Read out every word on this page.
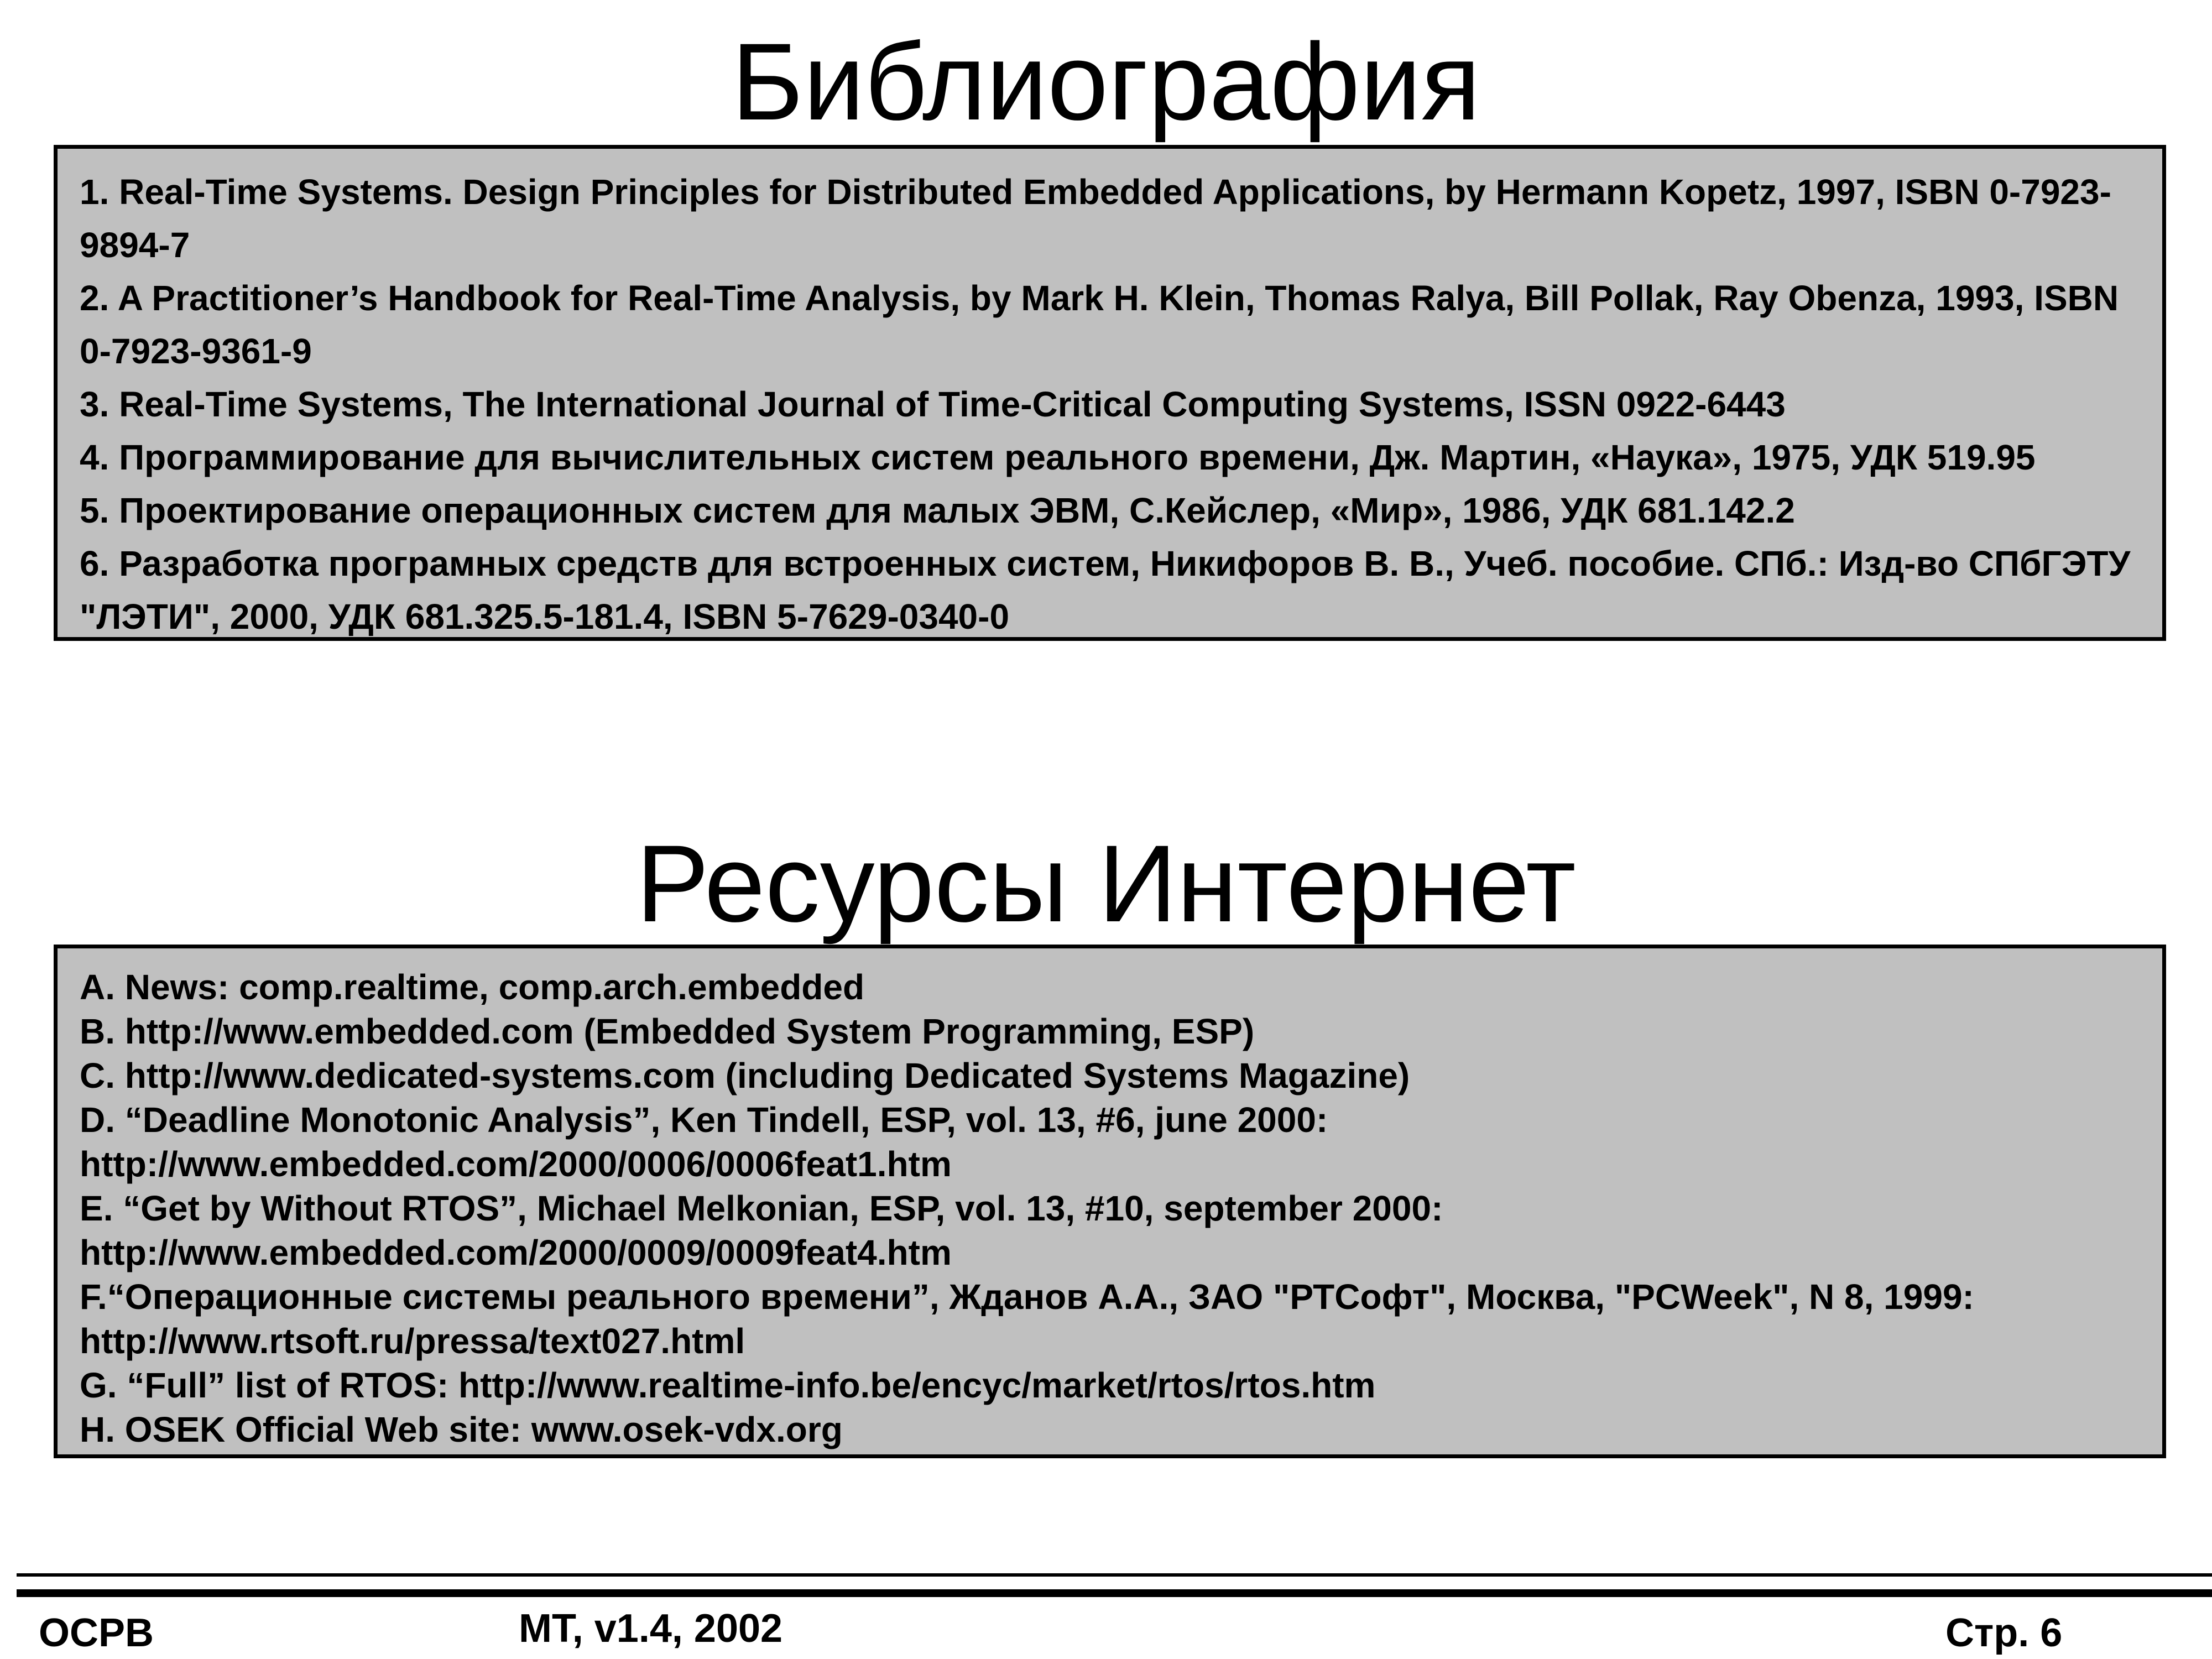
Библиография

1. Real-Time Systems. Design Principles for Distributed Embedded Applications, by Hermann Kopetz, 1997, ISBN 0-7923-9894-7

2. A Practitioner’s Handbook for Real-Time Analysis, by Mark H. Klein, Thomas Ralya, Bill Pollak, Ray Obenza, 1993, ISBN 0-7923-9361-9

3. Real-Time Systems, The International Journal of Time-Critical Computing Systems, ISSN 0922-6443

4. Программирование для вычислительных систем реального времени, Дж. Мартин, «Наука», 1975, УДК 519.95

5. Проектирование операционных систем для малых ЭВМ, С.Кейслер, «Мир», 1986, УДК 681.142.2

6. Разработка програмных средств для встроенных систем, Никифоров В. В., Учеб. пособие. СПб.: Изд-во СПбГЭТУ "ЛЭТИ", 2000, УДК 681.325.5-181.4, ISBN 5-7629-0340-0

Ресурсы Интернет

A. News: comp.realtime, comp.arch.embedded

B. http://www.embedded.com (Embedded System Programming, ESP)

C. http://www.dedicated-systems.com (including Dedicated Systems Magazine)

D. “Deadline Monotonic Analysis”, Ken Tindell, ESP, vol. 13, #6, june 2000: http://www.embedded.com/2000/0006/0006feat1.htm

E. “Get by Without RTOS”, Michael Melkonian, ESP, vol. 13, #10, september 2000: http://www.embedded.com/2000/0009/0009feat4.htm

F.“Операционные системы реального времени”, Жданов А.А., ЗАО "РТСофт", Москва, "PCWeek", N 8, 1999: http://www.rtsoft.ru/pressa/text027.html

G. “Full” list of RTOS: http://www.realtime-info.be/encyc/market/rtos/rtos.htm

H. OSEK Official Web site: www.osek-vdx.org

ОСРВ	МТ, v1.4, 2002	Стр. 6
